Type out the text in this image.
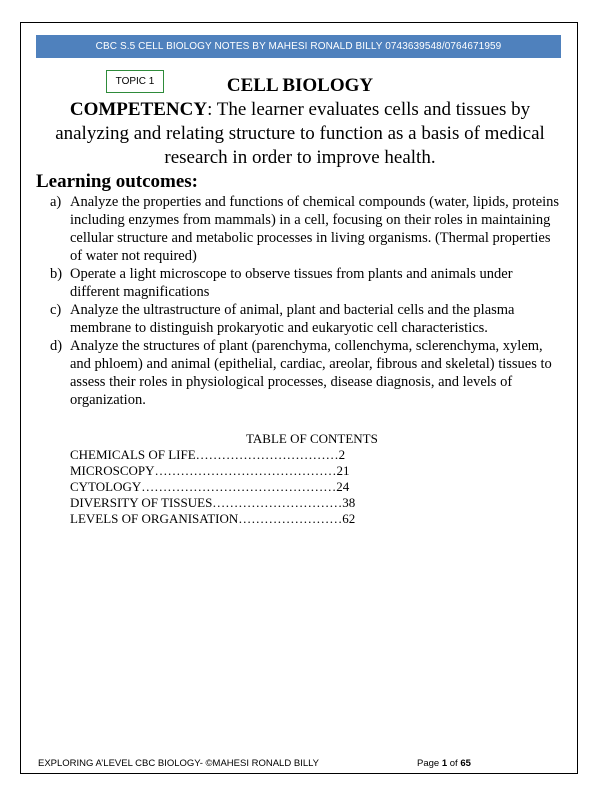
CBC S.5 CELL BIOLOGY NOTES BY MAHESI RONALD BILLY 0743639548/0764671959
TOPIC 1	CELL BIOLOGY

COMPETENCY: The learner evaluates cells and tissues by analyzing and relating structure to function as a basis of medical research in order to improve health.

Learning outcomes:
a) Analyze the properties and functions of chemical compounds (water, lipids, proteins including enzymes from mammals) in a cell, focusing on their roles in maintaining cellular structure and metabolic processes in living organisms. (Thermal properties of water not required)
b) Operate a light microscope to observe tissues from plants and animals under different magnifications
c) Analyze the ultrastructure of animal, plant and bacterial cells and the plasma membrane to distinguish prokaryotic and eukaryotic cell characteristics.
d) Analyze the structures of plant (parenchyma, collenchyma, sclerenchyma, xylem, and phloem) and animal (epithelial, cardiac, areolar, fibrous and skeletal) tissues to assess their roles in physiological processes, disease diagnosis, and levels of organization.

TABLE OF CONTENTS

CHEMICALS OF LIFE……………………………2
MICROSCOPY……………………………………21
CYTOLOGY………………………………………24
DIVERSITY OF TISSUES…………………………38
LEVELS OF ORGANISATION……………………62
EXPLORING A’LEVEL CBC BIOLOGY- ©MAHESI RONALD BILLY	Page 1 of 65
